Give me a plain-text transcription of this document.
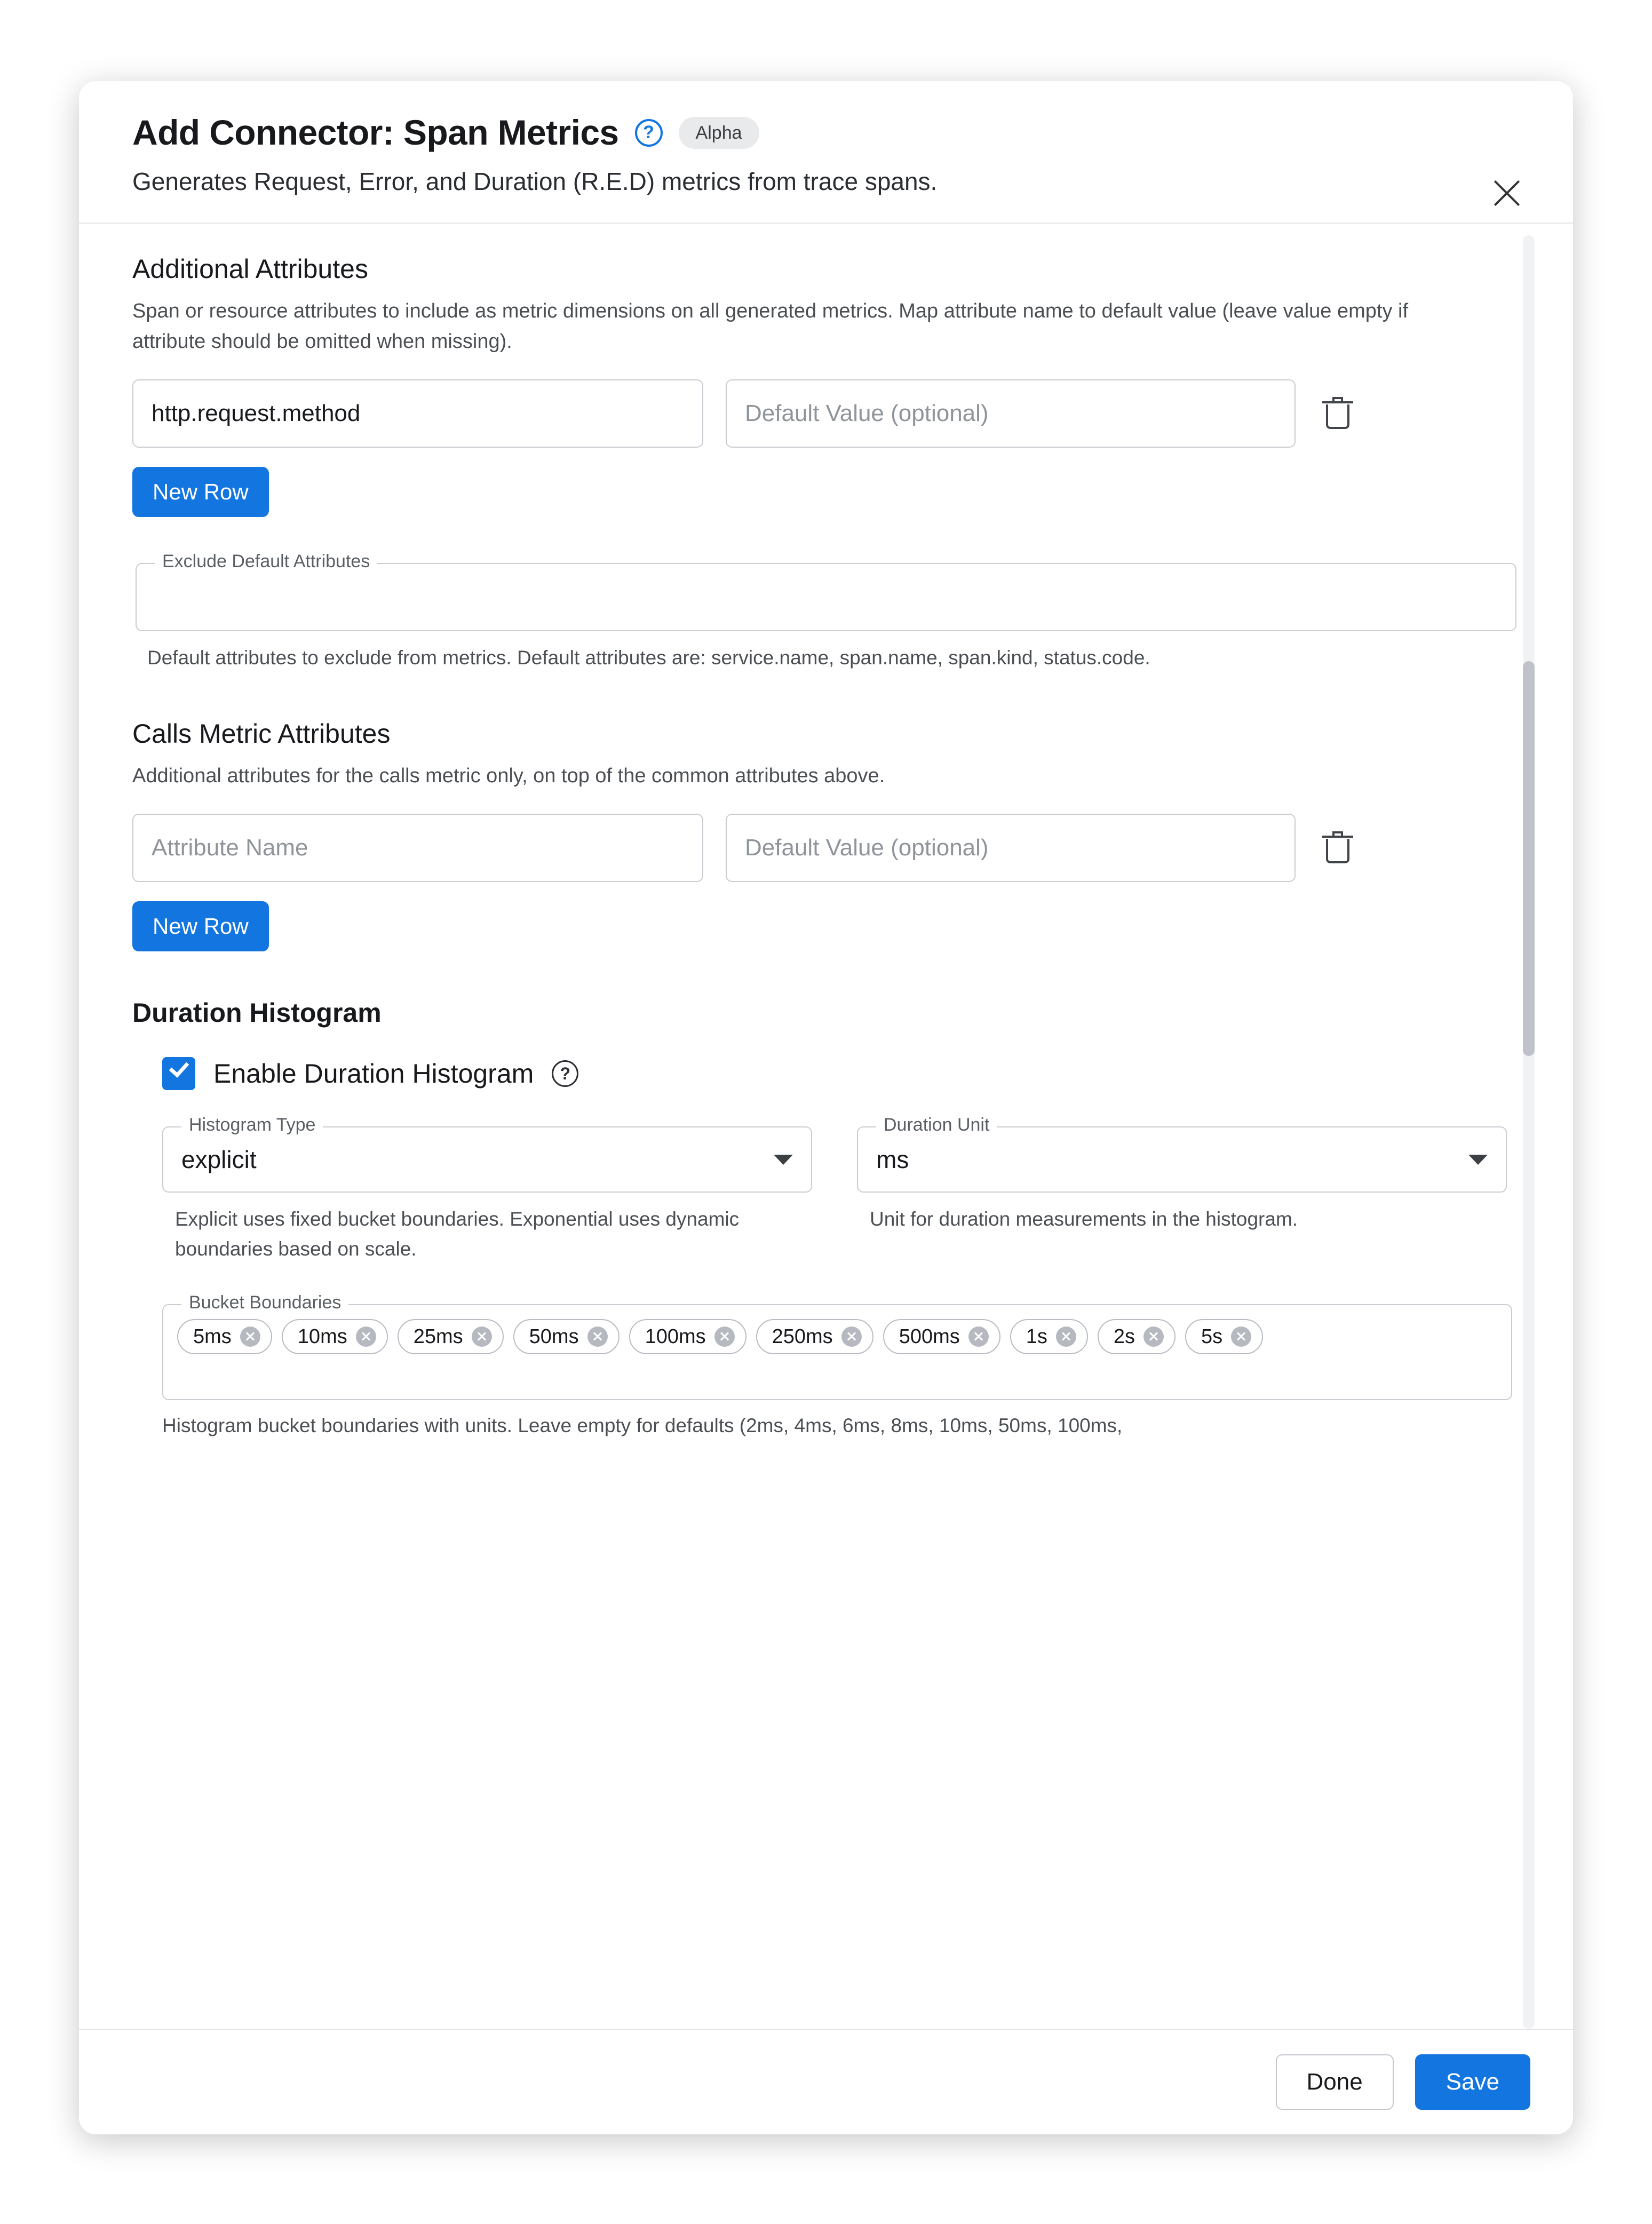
Add Connector: Span Metrics	?	Alpha
Generates Request, Error, and Duration (R.E.D) metrics from trace spans.
Additional Attributes
Span or resource attributes to include as metric dimensions on all generated metrics. Map attribute name to default value (leave value empty if attribute should be omitted when missing).
http.request.method
Default Value (optional)
New Row
Exclude Default Attributes
Default attributes to exclude from metrics. Default attributes are: service.name, span.name, span.kind, status.code.
Calls Metric Attributes
Additional attributes for the calls metric only, on top of the common attributes above.
Attribute Name
Default Value (optional)
New Row
Duration Histogram
Enable Duration Histogram	?
Histogram Type
explicit
Explicit uses fixed bucket boundaries. Exponential uses dynamic boundaries based on scale.
Duration Unit
ms
Unit for duration measurements in the histogram.
Bucket Boundaries
5ms	10ms	25ms	50ms	100ms	250ms	500ms	1s	2s	5s
Histogram bucket boundaries with units. Leave empty for defaults (2ms, 4ms, 6ms, 8ms, 10ms, 50ms, 100ms,
Done	Save
